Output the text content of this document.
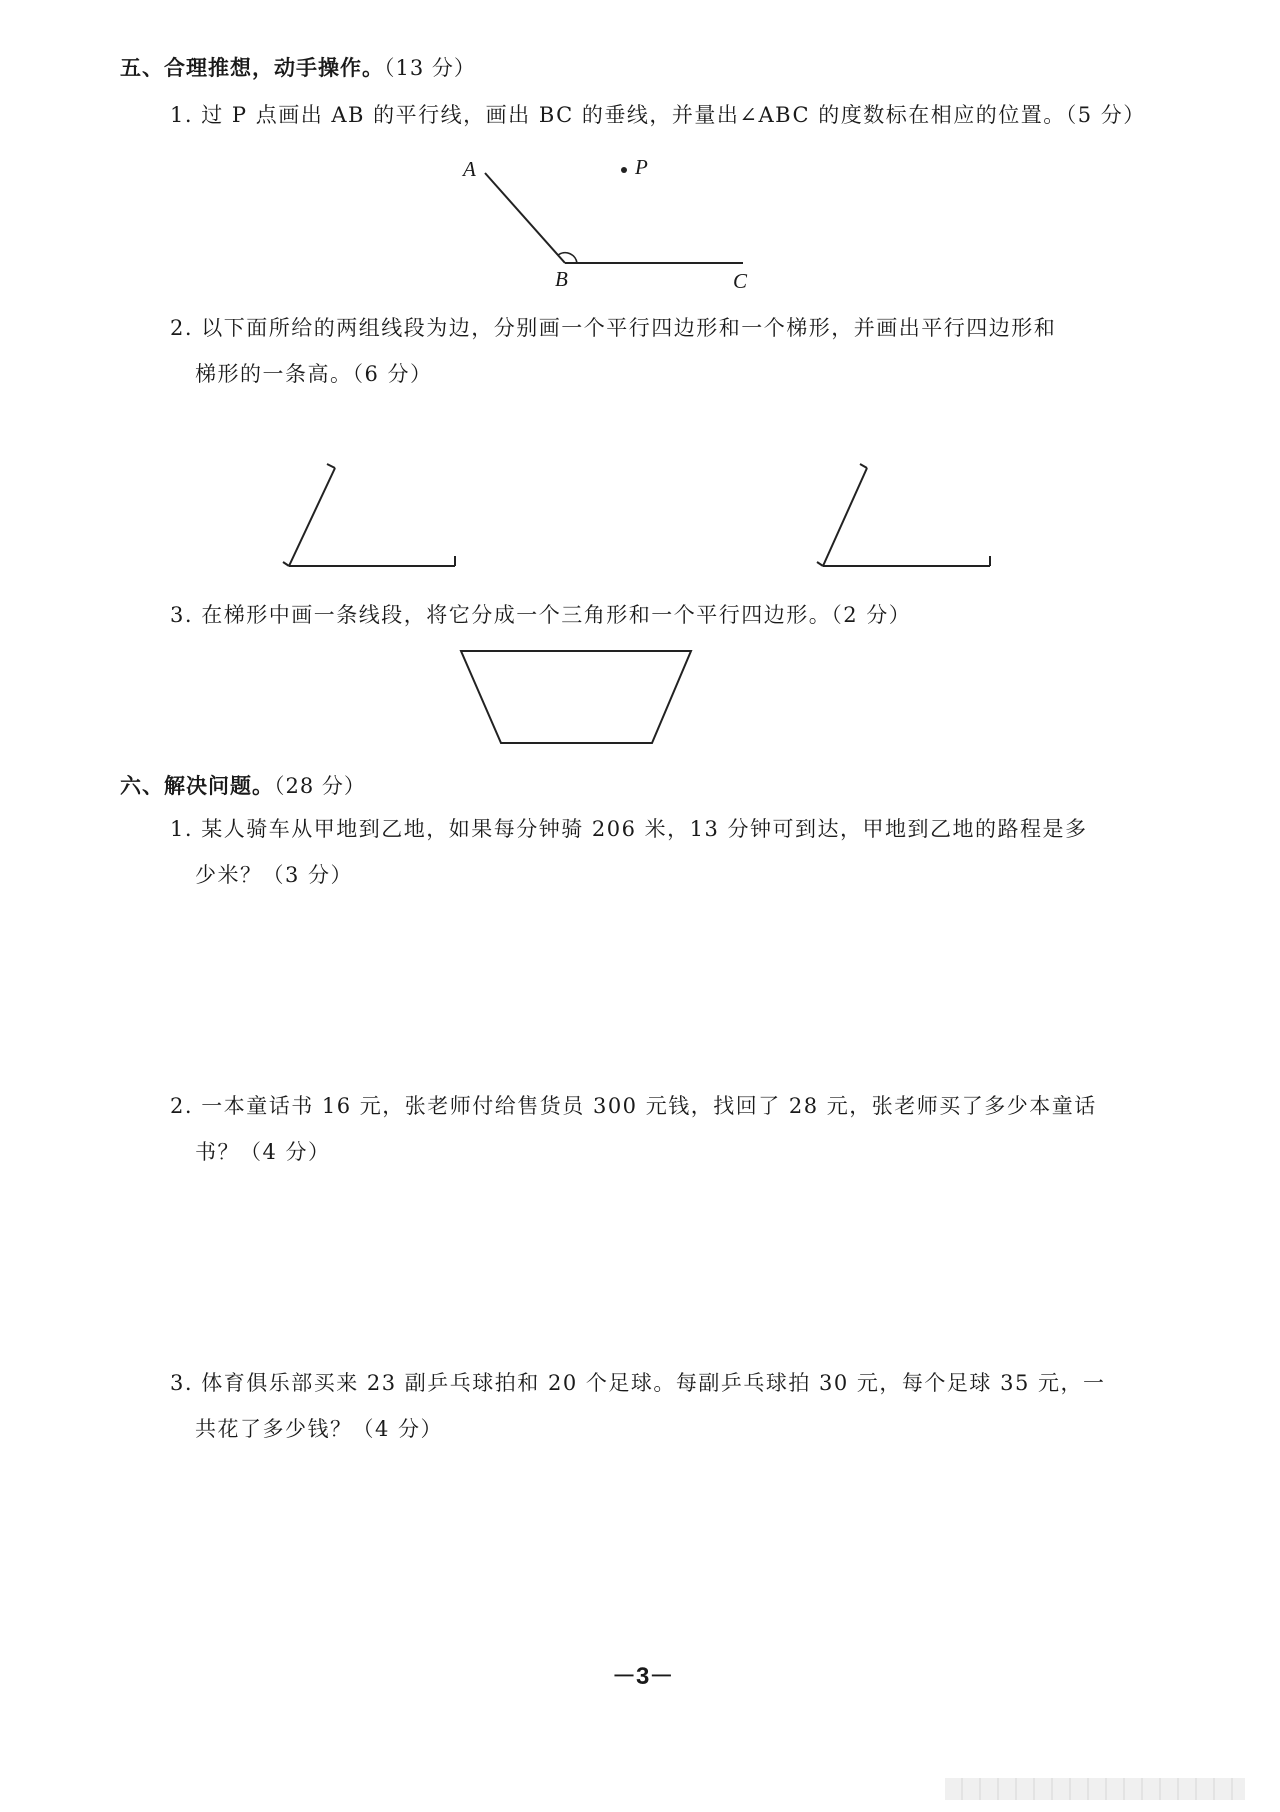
五、合理推想，动手操作。（13 分）
1. 过 P 点画出 AB 的平行线，画出 BC 的垂线，并量出∠ABC 的度数标在相应的位置。（5 分）
A
B	C
P
2. 以下面所给的两组线段为边，分别画一个平行四边形和一个梯形，并画出平行四边形和
梯形的一条高。（6 分）
3. 在梯形中画一条线段，将它分成一个三角形和一个平行四边形。（2 分）
六、解决问题。（28 分）
1. 某人骑车从甲地到乙地，如果每分钟骑 206 米，13 分钟可到达，甲地到乙地的路程是多
少米？（3 分）
2. 一本童话书 16 元，张老师付给售货员 300 元钱，找回了 28 元，张老师买了多少本童话
书？（4 分）
3. 体育俱乐部买来 23 副乒乓球拍和 20 个足球。每副乒乓球拍 30 元，每个足球 35 元，一
共花了多少钱？（4 分）
－3－
